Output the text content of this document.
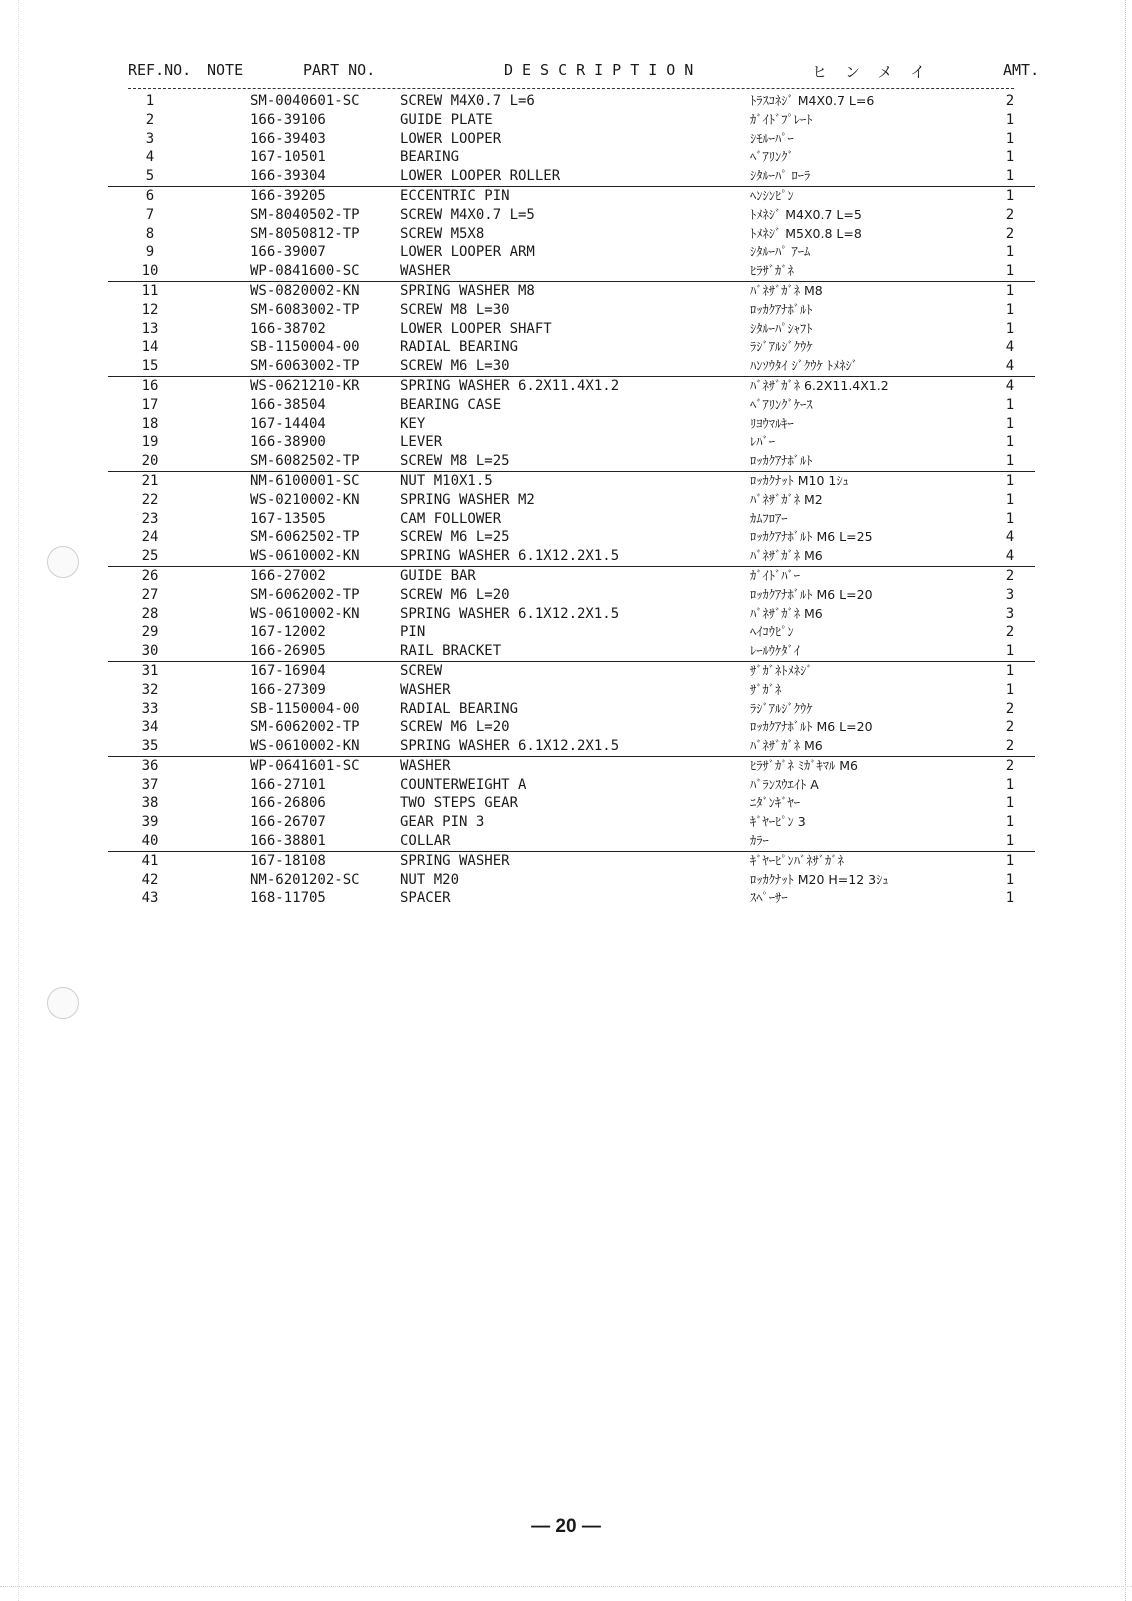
REF.NO. NOTE	PART NO.	DESCRIPTION	ヒンメイ	AMT.
1	SM-0040601-SC	SCREW M4X0.7 L=6	ﾄﾗｽｺﾈｼﾞ M4X0.7 L=6	2
2	166-39106	GUIDE PLATE	ｶﾞｲﾄﾞﾌﾟﾚｰﾄ	1
3	166-39403	LOWER LOOPER	ｼﾓﾙｰﾊﾟｰ	1
4	167-10501	BEARING	ﾍﾞｱﾘﾝｸﾞ	1
5	166-39304	LOWER LOOPER ROLLER	ｼﾀﾙｰﾊﾟ ﾛｰﾗ	1
6	166-39205	ECCENTRIC PIN	ﾍﾝｼﾝﾋﾟﾝ	1
7	SM-8040502-TP	SCREW M4X0.7 L=5	ﾄﾒﾈｼﾞ M4X0.7 L=5	2
8	SM-8050812-TP	SCREW M5X8	ﾄﾒﾈｼﾞ M5X0.8 L=8	2
9	166-39007	LOWER LOOPER ARM	ｼﾀﾙｰﾊﾟ ｱｰﾑ	1
10	WP-0841600-SC	WASHER	ﾋﾗｻﾞｶﾞﾈ	1
11	WS-0820002-KN	SPRING WASHER M8	ﾊﾞﾈｻﾞｶﾞﾈ M8	1
12	SM-6083002-TP	SCREW M8 L=30	ﾛｯｶｸｱﾅﾎﾞﾙﾄ	1
13	166-38702	LOWER LOOPER SHAFT	ｼﾀﾙｰﾊﾟｼｬﾌﾄ	1
14	SB-1150004-00	RADIAL BEARING	ﾗｼﾞｱﾙｼﾞｸｳｹ	4
15	SM-6063002-TP	SCREW M6 L=30	ﾊﾝｿｳﾀｲ ｼﾞｸｳｹ ﾄﾒﾈｼﾞ	4
16	WS-0621210-KR	SPRING WASHER 6.2X11.4X1.2	ﾊﾞﾈｻﾞｶﾞﾈ 6.2X11.4X1.2	4
17	166-38504	BEARING CASE	ﾍﾞｱﾘﾝｸﾞｹｰｽ	1
18	167-14404	KEY	ﾘﾖｳﾏﾙｷｰ	1
19	166-38900	LEVER	ﾚﾊﾞｰ	1
20	SM-6082502-TP	SCREW M8 L=25	ﾛｯｶｸｱﾅﾎﾞﾙﾄ	1
21	NM-6100001-SC	NUT M10X1.5	ﾛｯｶｸﾅｯﾄ M10 1ｼｭ	1
22	WS-0210002-KN	SPRING WASHER M2	ﾊﾞﾈｻﾞｶﾞﾈ M2	1
23	167-13505	CAM FOLLOWER	ｶﾑﾌﾛｱｰ	1
24	SM-6062502-TP	SCREW M6 L=25	ﾛｯｶｸｱﾅﾎﾞﾙﾄ M6 L=25	4
25	WS-0610002-KN	SPRING WASHER 6.1X12.2X1.5	ﾊﾞﾈｻﾞｶﾞﾈ M6	4
26	166-27002	GUIDE BAR	ｶﾞｲﾄﾞﾊﾞｰ	2
27	SM-6062002-TP	SCREW M6 L=20	ﾛｯｶｸｱﾅﾎﾞﾙﾄ M6 L=20	3
28	WS-0610002-KN	SPRING WASHER 6.1X12.2X1.5	ﾊﾞﾈｻﾞｶﾞﾈ M6	3
29	167-12002	PIN	ﾍｲｺｳﾋﾟﾝ	2
30	166-26905	RAIL BRACKET	ﾚｰﾙｳｹﾀﾞｲ	1
31	167-16904	SCREW	ｻﾞｶﾞﾈﾄﾒﾈｼﾞ	1
32	166-27309	WASHER	ｻﾞｶﾞﾈ	1
33	SB-1150004-00	RADIAL BEARING	ﾗｼﾞｱﾙｼﾞｸｳｹ	2
34	SM-6062002-TP	SCREW M6 L=20	ﾛｯｶｸｱﾅﾎﾞﾙﾄ M6 L=20	2
35	WS-0610002-KN	SPRING WASHER 6.1X12.2X1.5	ﾊﾞﾈｻﾞｶﾞﾈ M6	2
36	WP-0641601-SC	WASHER	ﾋﾗｻﾞｶﾞﾈ ﾐｶﾞｷﾏﾙ M6	2
37	166-27101	COUNTERWEIGHT A	ﾊﾞﾗﾝｽｳｴｲﾄ A	1
38	166-26806	TWO STEPS GEAR	ﾆﾀﾞﾝｷﾞﾔｰ	1
39	166-26707	GEAR PIN 3	ｷﾞﾔｰﾋﾟﾝ 3	1
40	166-38801	COLLAR	ｶﾗｰ	1
41	167-18108	SPRING WASHER	ｷﾞﾔｰﾋﾟﾝﾊﾞﾈｻﾞｶﾞﾈ	1
42	NM-6201202-SC	NUT M20	ﾛｯｶｸﾅｯﾄ M20 H=12 3ｼｭ	1
43	168-11705	SPACER	ｽﾍﾟｰｻｰ	1
— 20 —
